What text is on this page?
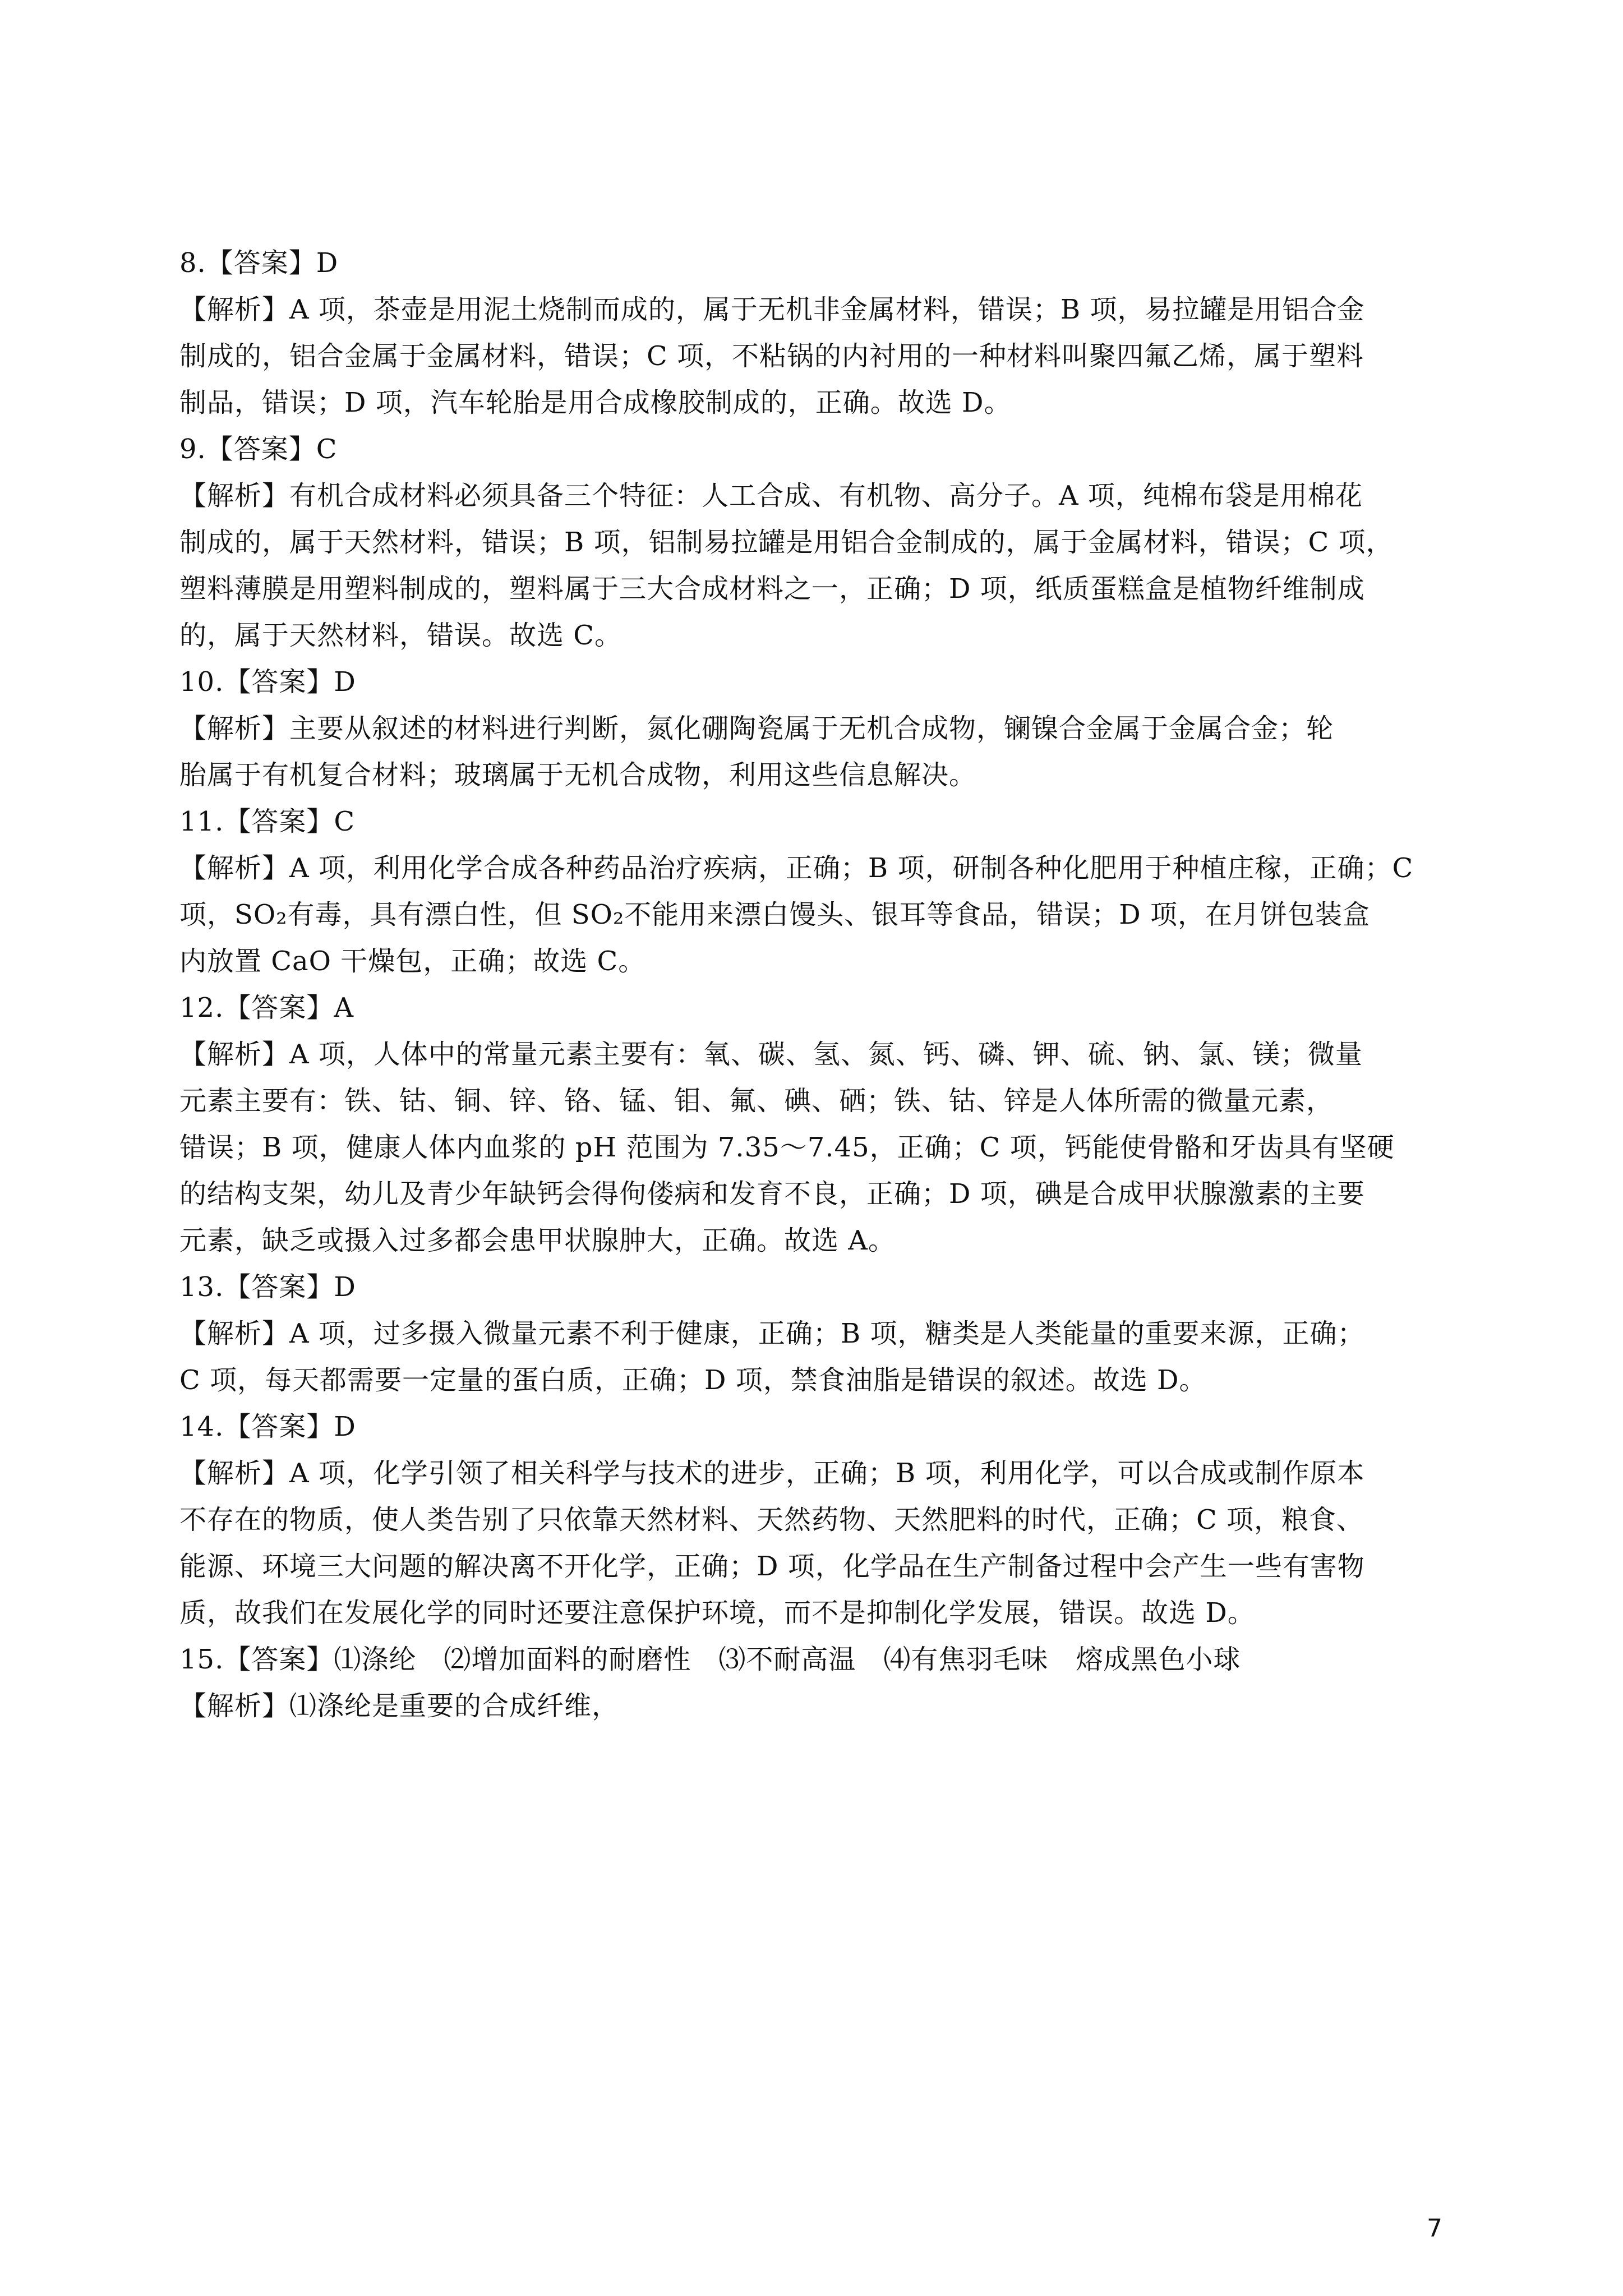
8.【答案】D
【解析】A 项，茶壶是用泥土烧制而成的，属于无机非金属材料，错误；B 项，易拉罐是用铝合金
制成的，铝合金属于金属材料，错误；C 项，不粘锅的内衬用的一种材料叫聚四氟乙烯，属于塑料
制品，错误；D 项，汽车轮胎是用合成橡胶制成的，正确。故选 D。
9.【答案】C
【解析】有机合成材料必须具备三个特征：人工合成、有机物、高分子。A 项，纯棉布袋是用棉花
制成的，属于天然材料，错误；B 项，铝制易拉罐是用铝合金制成的，属于金属材料，错误；C 项，
塑料薄膜是用塑料制成的，塑料属于三大合成材料之一，正确；D 项，纸质蛋糕盒是植物纤维制成
的，属于天然材料，错误。故选 C。
10.【答案】D
【解析】主要从叙述的材料进行判断，氮化硼陶瓷属于无机合成物，镧镍合金属于金属合金；轮
胎属于有机复合材料；玻璃属于无机合成物，利用这些信息解决。
11.【答案】C
【解析】A 项，利用化学合成各种药品治疗疾病，正确；B 项，研制各种化肥用于种植庄稼，正确；C
项，SO₂有毒，具有漂白性，但 SO₂不能用来漂白馒头、银耳等食品，错误；D 项，在月饼包装盒
内放置 CaO 干燥包，正确；故选 C。
12.【答案】A
【解析】A 项，人体中的常量元素主要有：氧、碳、氢、氮、钙、磷、钾、硫、钠、氯、镁；微量
元素主要有：铁、钴、铜、锌、铬、锰、钼、氟、碘、硒；铁、钴、锌是人体所需的微量元素，
错误；B 项，健康人体内血浆的 pH 范围为 7.35～7.45，正确；C 项，钙能使骨骼和牙齿具有坚硬
的结构支架，幼儿及青少年缺钙会得佝偻病和发育不良，正确；D 项，碘是合成甲状腺激素的主要
元素，缺乏或摄入过多都会患甲状腺肿大，正确。故选 A。
13.【答案】D
【解析】A 项，过多摄入微量元素不利于健康，正确；B 项，糖类是人类能量的重要来源，正确；
C 项，每天都需要一定量的蛋白质，正确；D 项，禁食油脂是错误的叙述。故选 D。
14.【答案】D
【解析】A 项，化学引领了相关科学与技术的进步，正确；B 项，利用化学，可以合成或制作原本
不存在的物质，使人类告别了只依靠天然材料、天然药物、天然肥料的时代，正确；C 项，粮食、
能源、环境三大问题的解决离不开化学，正确；D 项，化学品在生产制备过程中会产生一些有害物
质，故我们在发展化学的同时还要注意保护环境，而不是抑制化学发展，错误。故选 D。
15.【答案】⑴涤纶　⑵增加面料的耐磨性　⑶不耐高温　⑷有焦羽毛味　熔成黑色小球
【解析】⑴涤纶是重要的合成纤维，
7
